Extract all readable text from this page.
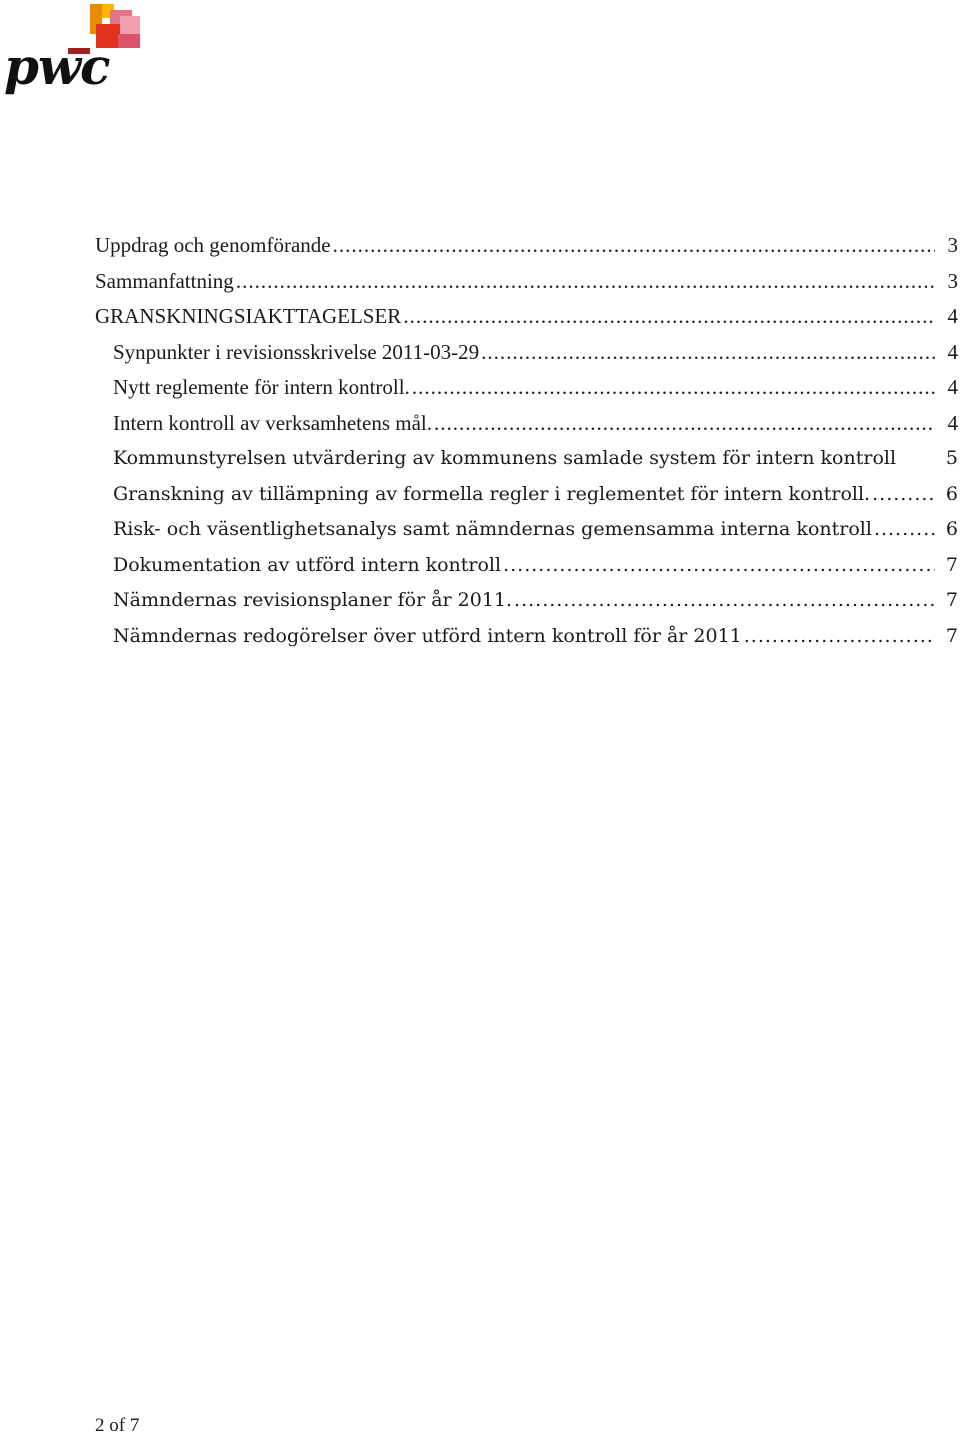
pwc
Uppdrag och genomförande .....	3
Sammanfattning .....	3
GRANSKNINGSIAKTTAGELSER .....	4
Synpunkter i revisionsskrivelse 2011-03-29 .....	4
Nytt reglemente för intern kontroll. .....	4
Intern kontroll av verksamhetens mål. .....	4
Kommunstyrelsen utvärdering av kommunens samlade system för intern kontroll	5
Granskning av tillämpning av formella regler i reglementet för intern kontroll. .....	6
Risk- och väsentlighetsanalys samt nämndernas gemensamma interna kontroll .....	6
Dokumentation av utförd intern kontroll .....	7
Nämndernas revisionsplaner för år 2011. .....	7
Nämndernas redogörelser över utförd intern kontroll för år 2011 .....	7
2 of 7
